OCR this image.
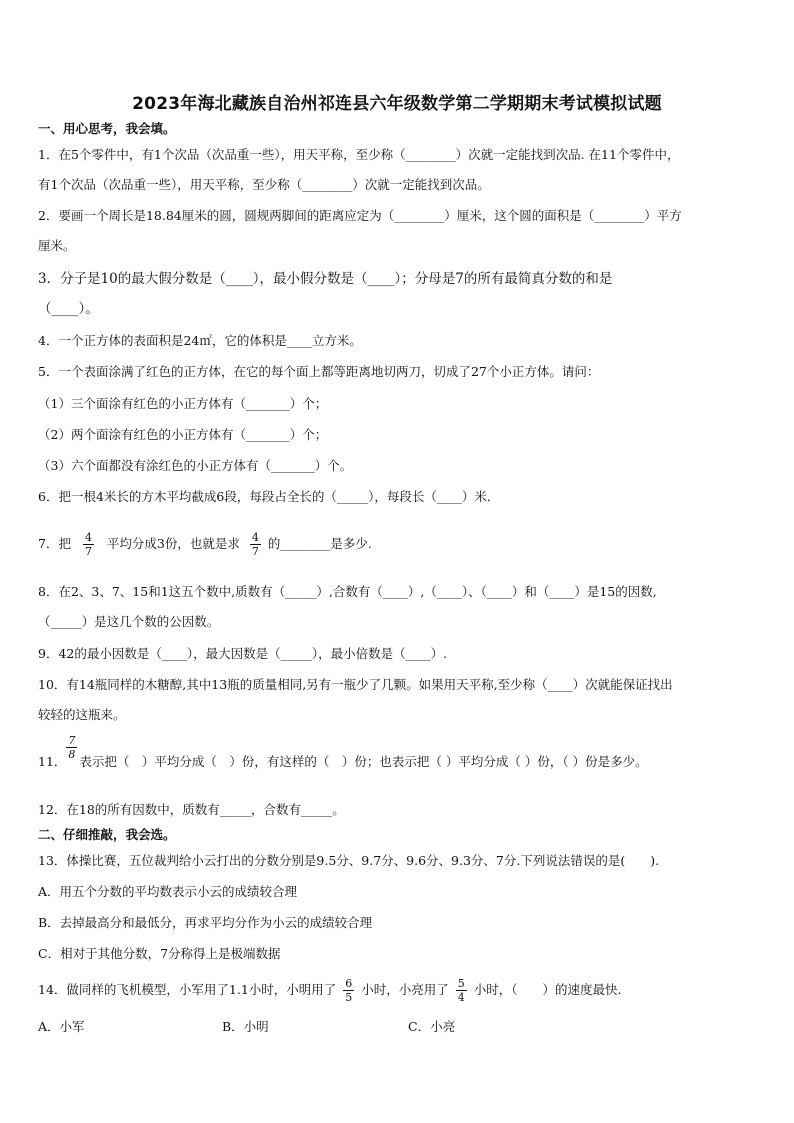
2023年海北藏族自治州祁连县六年级数学第二学期期末考试模拟试题
一、用心思考，我会填。
1．在5个零件中，有1个次品（次品重一些），用天平称，至少称（________）次就一定能找到次品. 在11个零件中，
有1个次品（次品重一些），用天平称，至少称（________）次就一定能找到次品。
2．要画一个周长是18.84厘米的圆，圆规两脚间的距离应定为（________）厘米，这个圆的面积是（________）平方
厘米。
3．分子是10的最大假分数是（____），最小假分数是（____）；分母是7的所有最简真分数的和是
（____）。
4．一个正方体的表面积是24㎡，它的体积是____立方米。
5．一个表面涂满了红色的正方体，在它的每个面上都等距离地切两刀，切成了27个小正方体。请问：
（1）三个面涂有红色的小正方体有（_______）个；
（2）两个面涂有红色的小正方体有（_______）个；
（3）六个面都没有涂红色的小正方体有（_______）个。
6．把一根4米长的方木平均截成6段，每段占全长的（_____），每段长（____）米．
7．把 $\frac{4}{7}$ 平均分成3份，也就是求 $\frac{4}{7}$ 的________是多少.
8．在2、3、7、15和1这五个数中,质数有（_____）,合数有（____）,（____）、（____）和（____）是15的因数,
（_____）是这几个数的公因数。
9．42的最小因数是（____），最大因数是（_____），最小倍数是（____）.
10．有14瓶同样的木糖醇,其中13瓶的质量相同,另有一瓶少了几颗。如果用天平称,至少称（____）次就能保证找出
较轻的这瓶来。
11．
$\frac{7}{8}$
表示把（　）平均分成（　）份，有这样的（　）份；也表示把（ ）平均分成（ ）份，（ ）份是多少。
12．在18的所有因数中，质数有_____，合数有_____。
二、仔细推敲，我会选。
13．体操比赛，五位裁判给小云打出的分数分别是9.5分、9.7分、9.6分、9.3分、7分.下列说法错误的是(　　).
A．用五个分数的平均数表示小云的成绩较合理
B．去掉最高分和最低分，再求平均分作为小云的成绩较合理
C．相对于其他分数，7分称得上是极端数据
14．做同样的飞机模型，小军用了1.1小时，小明用了 $\frac{6}{5}$ 小时，小亮用了 $\frac{5}{4}$ 小时，（　　）的速度最快.
A．小军	B．小明	C．小亮
